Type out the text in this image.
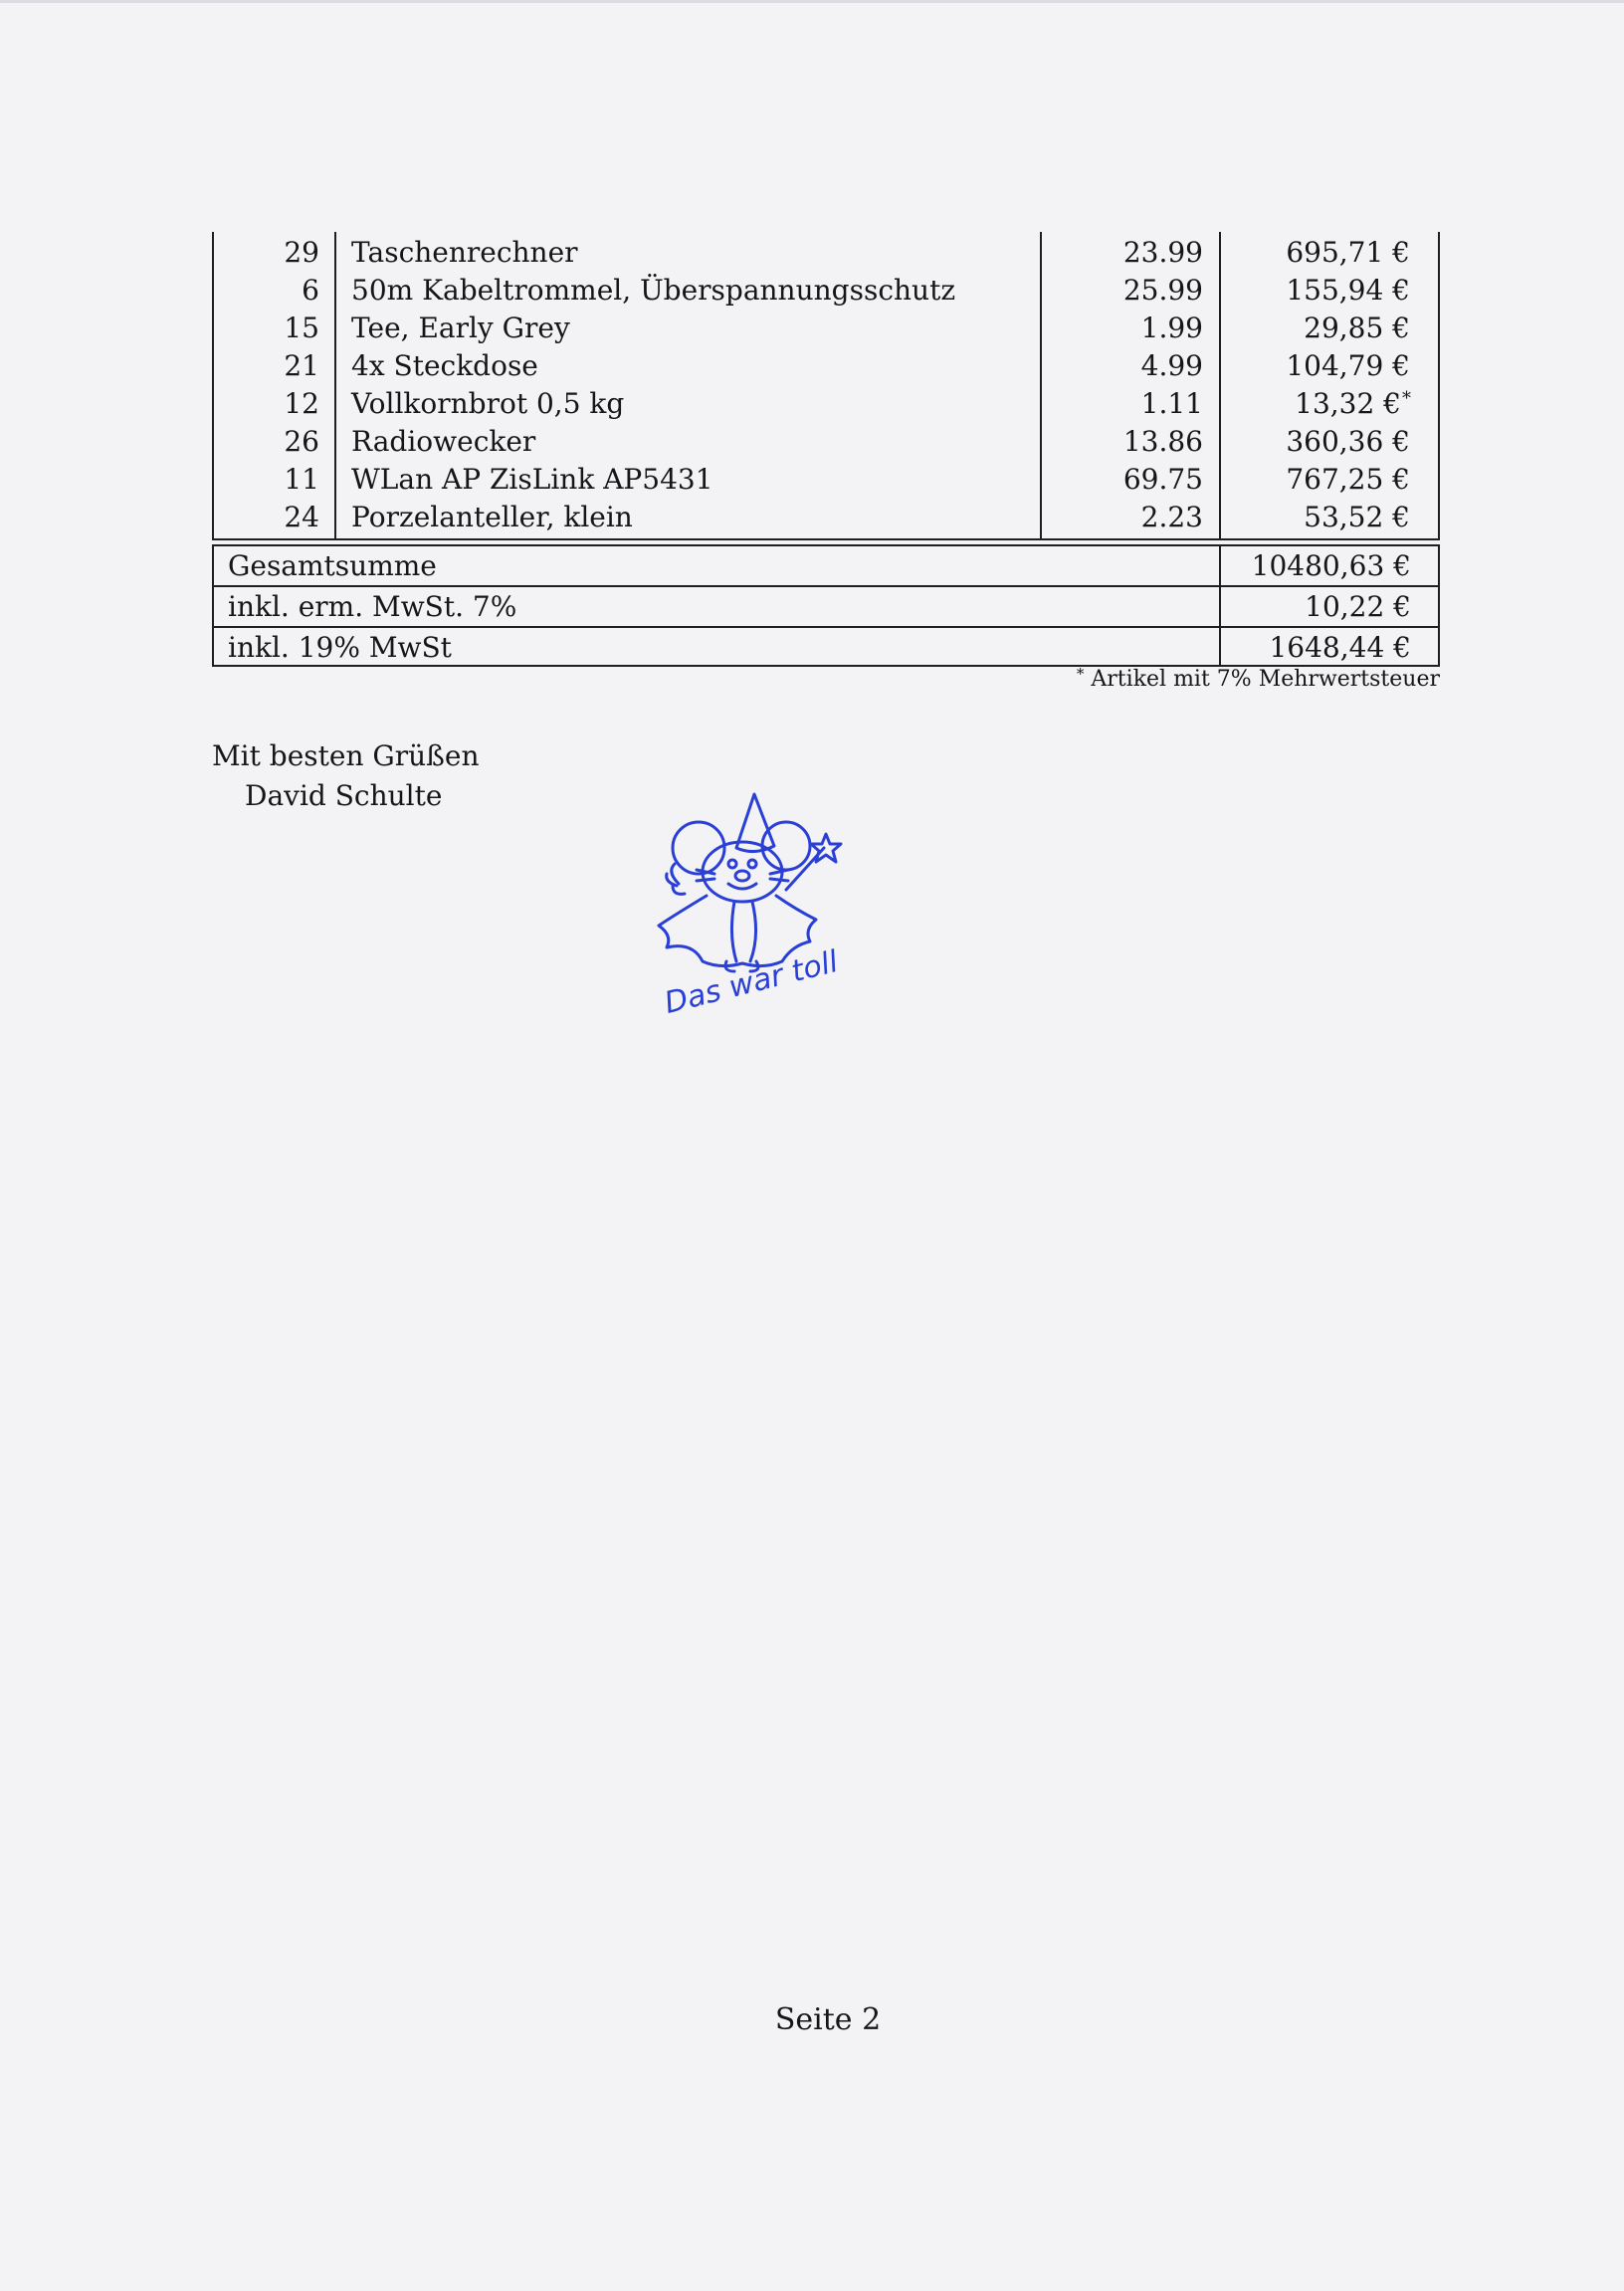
29 Taschenrechner	23.99	695,71 €
6 50m Kabeltrommel, Überspannungsschutz	25.99	155,94 €
15 Tee, Early Grey	1.99	29,85 €
21 4x Steckdose	4.99	104,79 €
12 Vollkornbrot 0,5 kg	1.11	13,32 €*
26 Radiowecker	13.86	360,36 €
11 WLan AP ZisLink AP5431	69.75	767,25 €
24 Porzelanteller, klein	2.23	53,52 €
Gesamtsumme	10480,63 €
inkl. erm. MwSt. 7%	10,22 €
inkl. 19% MwSt	1648,44 €
* Artikel mit 7% Mehrwertsteuer
Mit besten Grüßen
David Schulte
Das war toll
Seite 2
